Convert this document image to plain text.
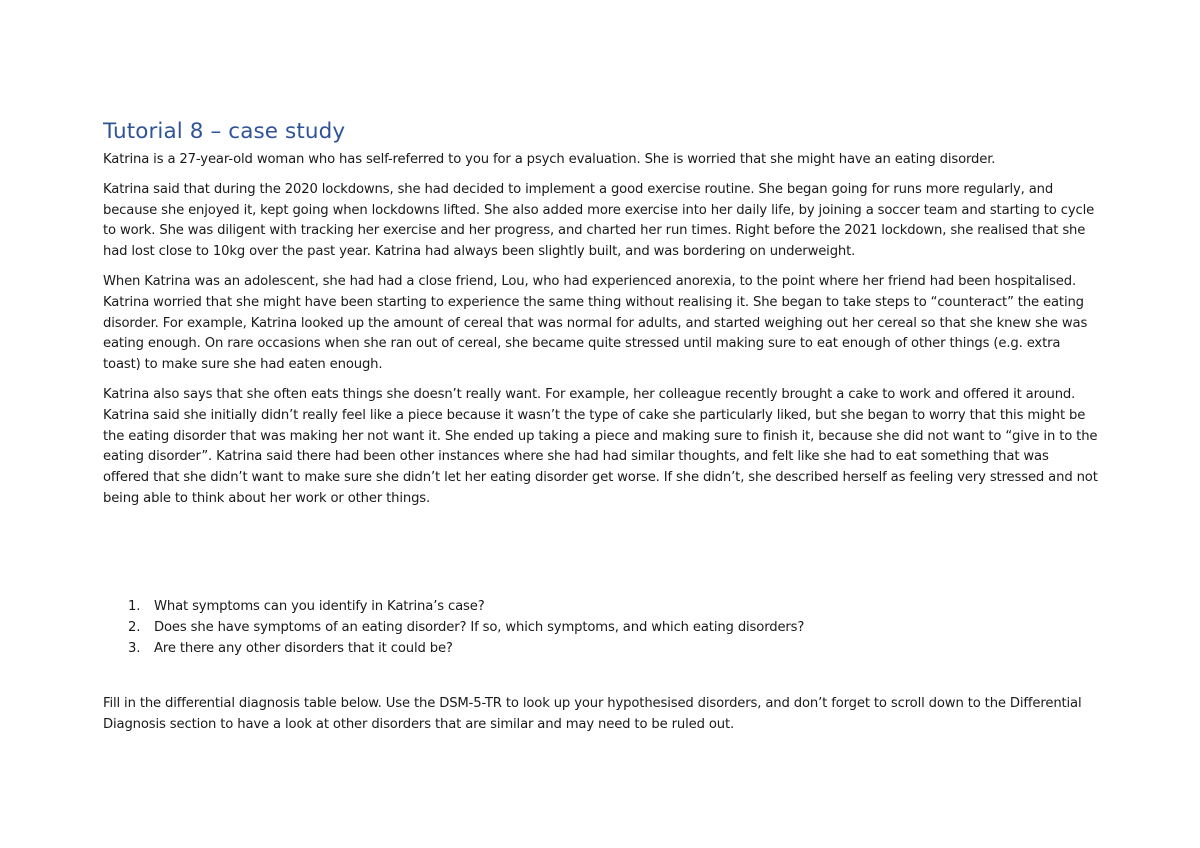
Tutorial 8 – case study

Katrina is a 27-year-old woman who has self-referred to you for a psych evaluation. She is worried that she might have an eating disorder.

Katrina said that during the 2020 lockdowns, she had decided to implement a good exercise routine. She began going for runs more regularly, and because she enjoyed it, kept going when lockdowns lifted. She also added more exercise into her daily life, by joining a soccer team and starting to cycle to work. She was diligent with tracking her exercise and her progress, and charted her run times. Right before the 2021 lockdown, she realised that she had lost close to 10kg over the past year. Katrina had always been slightly built, and was bordering on underweight.

When Katrina was an adolescent, she had had a close friend, Lou, who had experienced anorexia, to the point where her friend had been hospitalised. Katrina worried that she might have been starting to experience the same thing without realising it. She began to take steps to “counteract” the eating disorder. For example, Katrina looked up the amount of cereal that was normal for adults, and started weighing out her cereal so that she knew she was eating enough. On rare occasions when she ran out of cereal, she became quite stressed until making sure to eat enough of other things (e.g. extra toast) to make sure she had eaten enough.

Katrina also says that she often eats things she doesn’t really want. For example, her colleague recently brought a cake to work and offered it around. Katrina said she initially didn’t really feel like a piece because it wasn’t the type of cake she particularly liked, but she began to worry that this might be the eating disorder that was making her not want it. She ended up taking a piece and making sure to finish it, because she did not want to “give in to the eating disorder”. Katrina said there had been other instances where she had had similar thoughts, and felt like she had to eat something that was offered that she didn’t want to make sure she didn’t let her eating disorder get worse. If she didn’t, she described herself as feeling very stressed and not being able to think about her work or other things.

1. What symptoms can you identify in Katrina’s case?
2. Does she have symptoms of an eating disorder? If so, which symptoms, and which eating disorders?
3. Are there any other disorders that it could be?

Fill in the differential diagnosis table below. Use the DSM-5-TR to look up your hypothesised disorders, and don’t forget to scroll down to the Differential Diagnosis section to have a look at other disorders that are similar and may need to be ruled out.
